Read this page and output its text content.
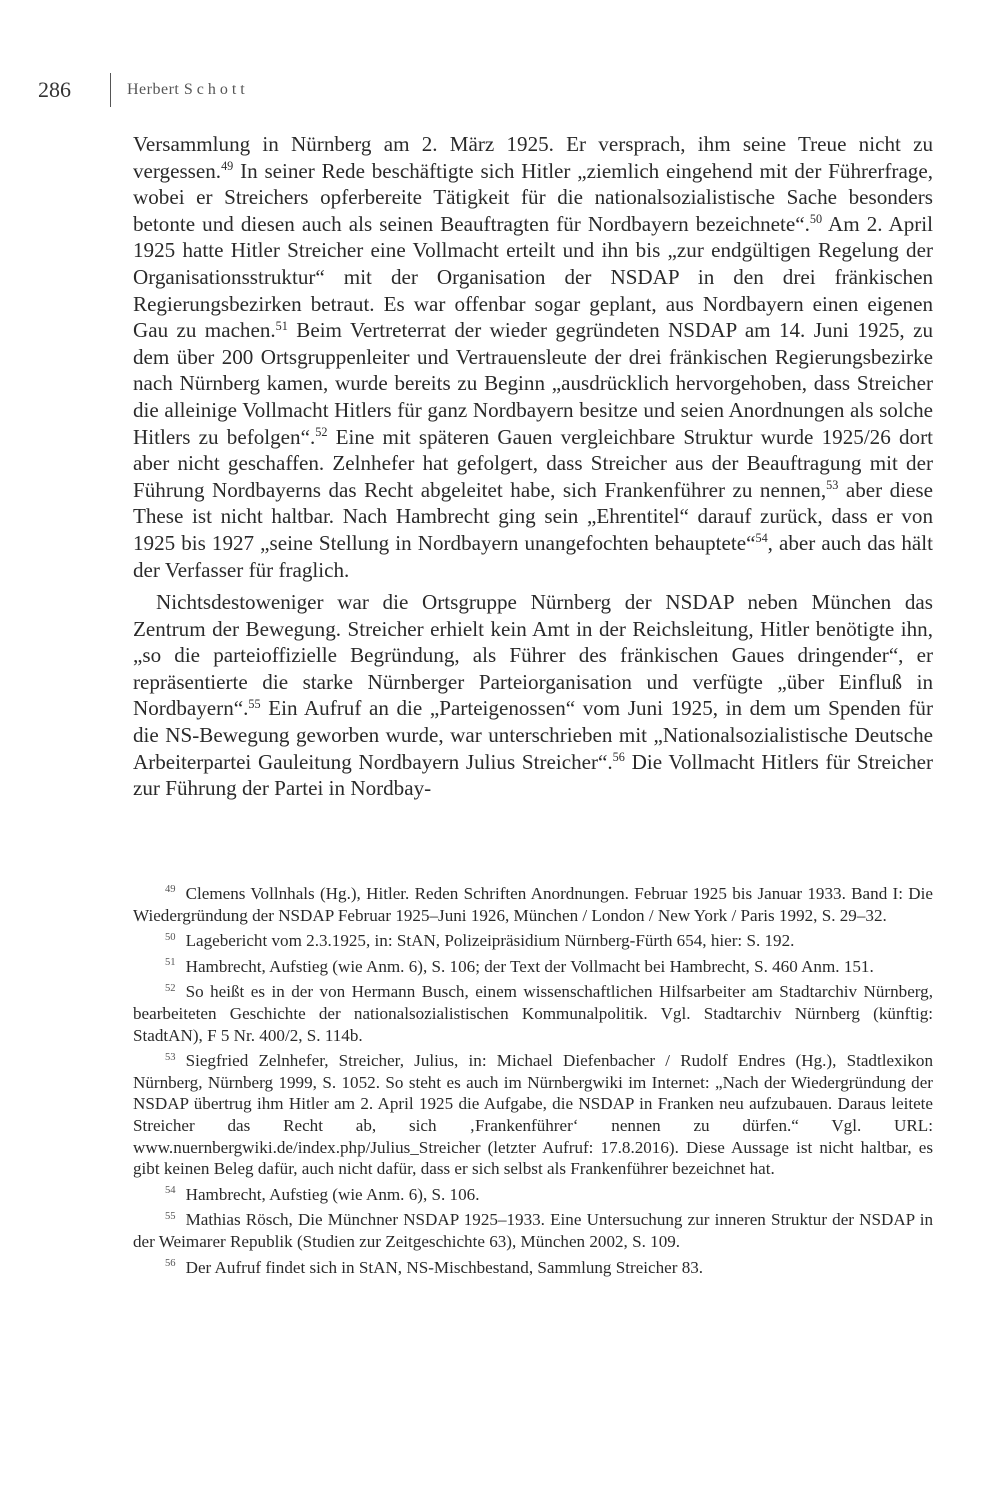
286	Herbert Schott

Versammlung in Nürnberg am 2. März 1925. Er versprach, ihm seine Treue nicht zu vergessen.$^{49}$ In seiner Rede beschäftigte sich Hitler „ziemlich eingehend mit der Führerfrage, wobei er Streichers opferbereite Tätigkeit für die nationalsozialistische Sache besonders betonte und diesen auch als seinen Beauftragten für Nordbayern bezeichnete“.$^{50}$ Am 2. April 1925 hatte Hitler Streicher eine Vollmacht erteilt und ihn bis „zur endgültigen Regelung der Organisationsstruktur“ mit der Organisation der NSDAP in den drei fränkischen Regierungsbezirken betraut. Es war offenbar sogar geplant, aus Nordbayern einen eigenen Gau zu machen.$^{51}$ Beim Vertreterrat der wieder gegründeten NSDAP am 14. Juni 1925, zu dem über 200 Ortsgruppenleiter und Vertrauensleute der drei fränkischen Regierungsbezirke nach Nürnberg kamen, wurde bereits zu Beginn „ausdrücklich hervorgehoben, dass Streicher die alleinige Vollmacht Hitlers für ganz Nordbayern besitze und seien Anordnungen als solche Hitlers zu befolgen“.$^{52}$ Eine mit späteren Gauen vergleichbare Struktur wurde 1925/26 dort aber nicht geschaffen. Zelnhefer hat gefolgert, dass Streicher aus der Beauftragung mit der Führung Nordbayerns das Recht abgeleitet habe, sich Frankenführer zu nennen,$^{53}$ aber diese These ist nicht haltbar. Nach Hambrecht ging sein „Ehrentitel“ darauf zurück, dass er von 1925 bis 1927 „seine Stellung in Nordbayern unangefochten behauptete“$^{54}$, aber auch das hält der Verfasser für fraglich.

Nichtsdestoweniger war die Ortsgruppe Nürnberg der NSDAP neben München das Zentrum der Bewegung. Streicher erhielt kein Amt in der Reichsleitung, Hitler benötigte ihn, „so die parteioffizielle Begründung, als Führer des fränkischen Gaues dringender“, er repräsentierte die starke Nürnberger Parteiorganisation und verfügte „über Einfluß in Nordbayern“.$^{55}$ Ein Aufruf an die „Parteigenossen“ vom Juni 1925, in dem um Spenden für die NS-Bewegung geworben wurde, war unterschrieben mit „Nationalsozialistische Deutsche Arbeiterpartei Gauleitung Nordbayern Julius Streicher“.$^{56}$ Die Vollmacht Hitlers für Streicher zur Führung der Partei in Nordbay-

$^{49}$ Clemens Vollnhals (Hg.), Hitler. Reden Schriften Anordnungen. Februar 1925 bis Januar 1933. Band I: Die Wiedergründung der NSDAP Februar 1925–Juni 1926, München / London / New York / Paris 1992, S. 29–32.

$^{50}$ Lagebericht vom 2.3.1925, in: StAN, Polizeipräsidium Nürnberg-Fürth 654, hier: S. 192.

$^{51}$ Hambrecht, Aufstieg (wie Anm. 6), S. 106; der Text der Vollmacht bei Hambrecht, S. 460 Anm. 151.

$^{52}$ So heißt es in der von Hermann Busch, einem wissenschaftlichen Hilfsarbeiter am Stadtarchiv Nürnberg, bearbeiteten Geschichte der nationalsozialistischen Kommunalpolitik. Vgl. Stadtarchiv Nürnberg (künftig: StadtAN), F 5 Nr. 400/2, S. 114b.

$^{53}$ Siegfried Zelnhefer, Streicher, Julius, in: Michael Diefenbacher / Rudolf Endres (Hg.), Stadtlexikon Nürnberg, Nürnberg 1999, S. 1052. So steht es auch im Nürnbergwiki im Internet: „Nach der Wiedergründung der NSDAP übertrug ihm Hitler am 2. April 1925 die Aufgabe, die NSDAP in Franken neu aufzubauen. Daraus leitete Streicher das Recht ab, sich ‚Frankenführer‘ nennen zu dürfen.“ Vgl. URL: www.nuernbergwiki.de/index.php/Julius_Streicher (letzter Aufruf: 17.8.2016). Diese Aussage ist nicht haltbar, es gibt keinen Beleg dafür, auch nicht dafür, dass er sich selbst als Frankenführer bezeichnet hat.

$^{54}$ Hambrecht, Aufstieg (wie Anm. 6), S. 106.

$^{55}$ Mathias Rösch, Die Münchner NSDAP 1925–1933. Eine Untersuchung zur inneren Struktur der NSDAP in der Weimarer Republik (Studien zur Zeitgeschichte 63), München 2002, S. 109.

$^{56}$ Der Aufruf findet sich in StAN, NS-Mischbestand, Sammlung Streicher 83.
